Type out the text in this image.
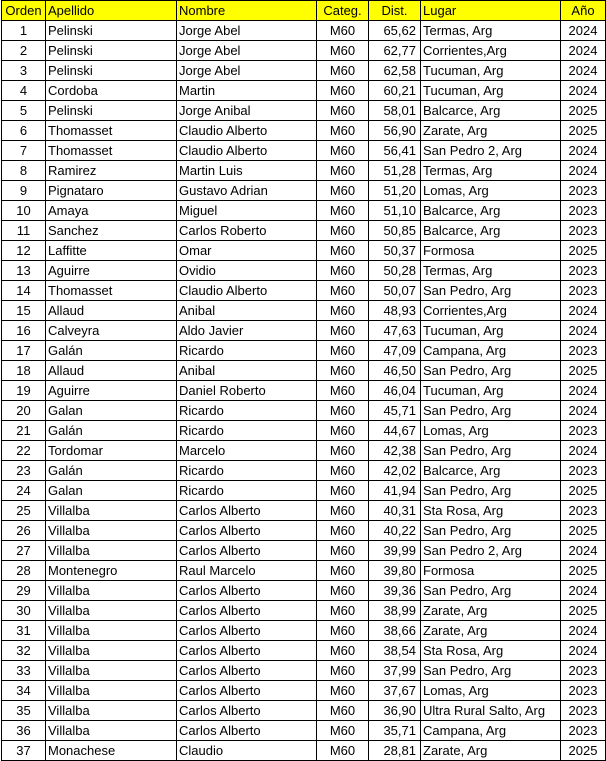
Orden	Apellido	Nombre	Categ.	Dist.	Lugar	Año
1	Pelinski	Jorge Abel	M60	65,62	Termas, Arg	2024
2	Pelinski	Jorge Abel	M60	62,77	Corrientes,Arg	2024
3	Pelinski	Jorge Abel	M60	62,58	Tucuman, Arg	2024
4	Cordoba	Martin	M60	60,21	Tucuman, Arg	2024
5	Pelinski	Jorge Anibal	M60	58,01	Balcarce, Arg	2025
6	Thomasset	Claudio Alberto	M60	56,90	Zarate, Arg	2025
7	Thomasset	Claudio Alberto	M60	56,41	San Pedro 2, Arg	2024
8	Ramirez	Martin Luis	M60	51,28	Termas, Arg	2024
9	Pignataro	Gustavo Adrian	M60	51,20	Lomas, Arg	2023
10	Amaya	Miguel	M60	51,10	Balcarce, Arg	2023
11	Sanchez	Carlos Roberto	M60	50,85	Balcarce, Arg	2023
12	Laffitte	Omar	M60	50,37	Formosa	2025
13	Aguirre	Ovidio	M60	50,28	Termas, Arg	2023
14	Thomasset	Claudio Alberto	M60	50,07	San Pedro, Arg	2023
15	Allaud	Anibal	M60	48,93	Corrientes,Arg	2024
16	Calveyra	Aldo Javier	M60	47,63	Tucuman, Arg	2024
17	Galán	Ricardo	M60	47,09	Campana, Arg	2023
18	Allaud	Anibal	M60	46,50	San Pedro, Arg	2025
19	Aguirre	Daniel Roberto	M60	46,04	Tucuman, Arg	2024
20	Galan	Ricardo	M60	45,71	San Pedro, Arg	2024
21	Galán	Ricardo	M60	44,67	Lomas, Arg	2023
22	Tordomar	Marcelo	M60	42,38	San Pedro, Arg	2024
23	Galán	Ricardo	M60	42,02	Balcarce, Arg	2023
24	Galan	Ricardo	M60	41,94	San Pedro, Arg	2025
25	Villalba	Carlos Alberto	M60	40,31	Sta Rosa, Arg	2023
26	Villalba	Carlos Alberto	M60	40,22	San Pedro, Arg	2025
27	Villalba	Carlos Alberto	M60	39,99	San Pedro 2, Arg	2024
28	Montenegro	Raul Marcelo	M60	39,80	Formosa	2025
29	Villalba	Carlos Alberto	M60	39,36	San Pedro, Arg	2024
30	Villalba	Carlos Alberto	M60	38,99	Zarate, Arg	2025
31	Villalba	Carlos Alberto	M60	38,66	Zarate, Arg	2024
32	Villalba	Carlos Alberto	M60	38,54	Sta Rosa, Arg	2024
33	Villalba	Carlos Alberto	M60	37,99	San Pedro, Arg	2023
34	Villalba	Carlos Alberto	M60	37,67	Lomas, Arg	2023
35	Villalba	Carlos Alberto	M60	36,90	Ultra Rural Salto, Arg	2023
36	Villalba	Carlos Alberto	M60	35,71	Campana, Arg	2023
37	Monachese	Claudio	M60	28,81	Zarate, Arg	2025
